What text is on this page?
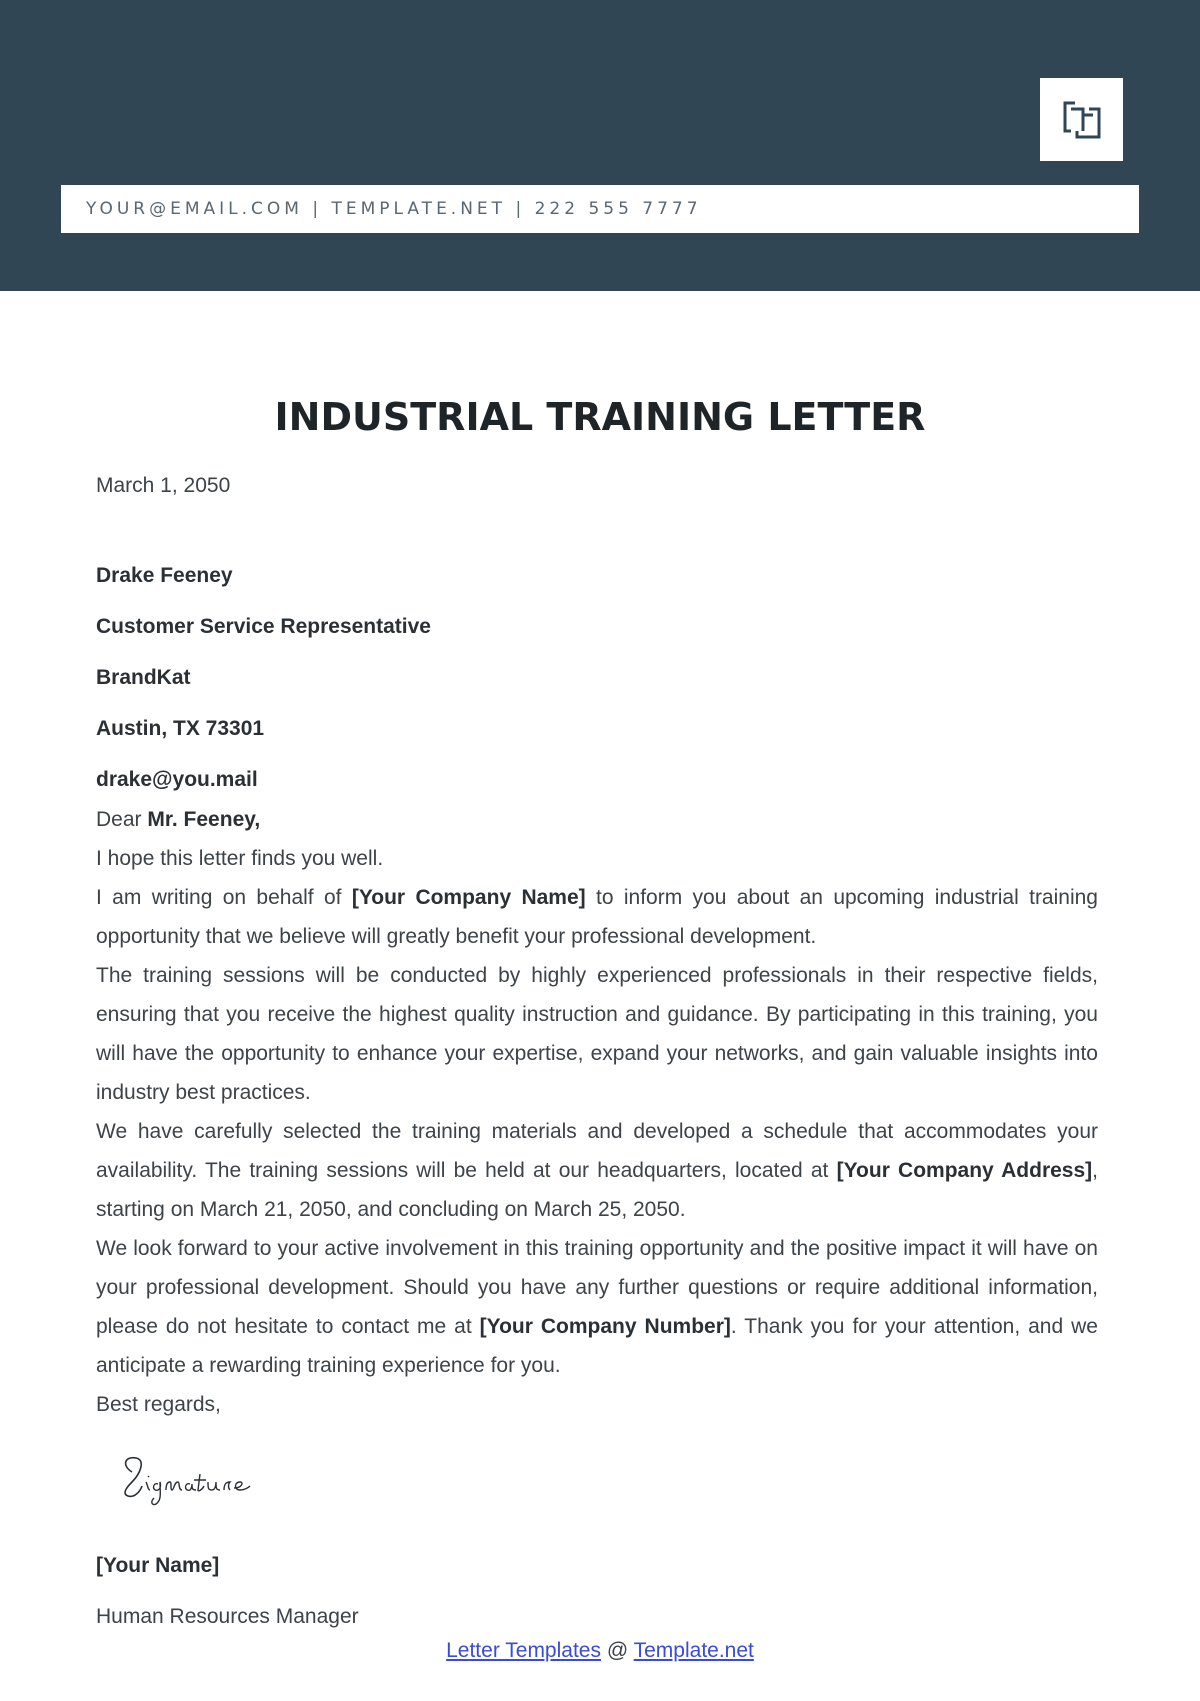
YOUR@EMAIL.COM | TEMPLATE.NET | 222 555 7777
INDUSTRIAL TRAINING LETTER
March 1, 2050
Drake Feeney
Customer Service Representative
BrandKat
Austin, TX 73301
drake@you.mail

Dear Mr. Feeney,

I hope this letter finds you well.

I am writing on behalf of [Your Company Name] to inform you about an upcoming industrial training opportunity that we believe will greatly benefit your professional development.

The training sessions will be conducted by highly experienced professionals in their respective fields, ensuring that you receive the highest quality instruction and guidance. By participating in this training, you will have the opportunity to enhance your expertise, expand your networks, and gain valuable insights into industry best practices.

We have carefully selected the training materials and developed a schedule that accommodates your availability. The training sessions will be held at our headquarters, located at [Your Company Address], starting on March 21, 2050, and concluding on March 25, 2050.

We look forward to your active involvement in this training opportunity and the positive impact it will have on your professional development. Should you have any further questions or require additional information, please do not hesitate to contact me at [Your Company Number]. Thank you for your attention, and we anticipate a rewarding training experience for you.

Best regards,

[Your Name]
Human Resources Manager
Letter Templates @ Template.net
